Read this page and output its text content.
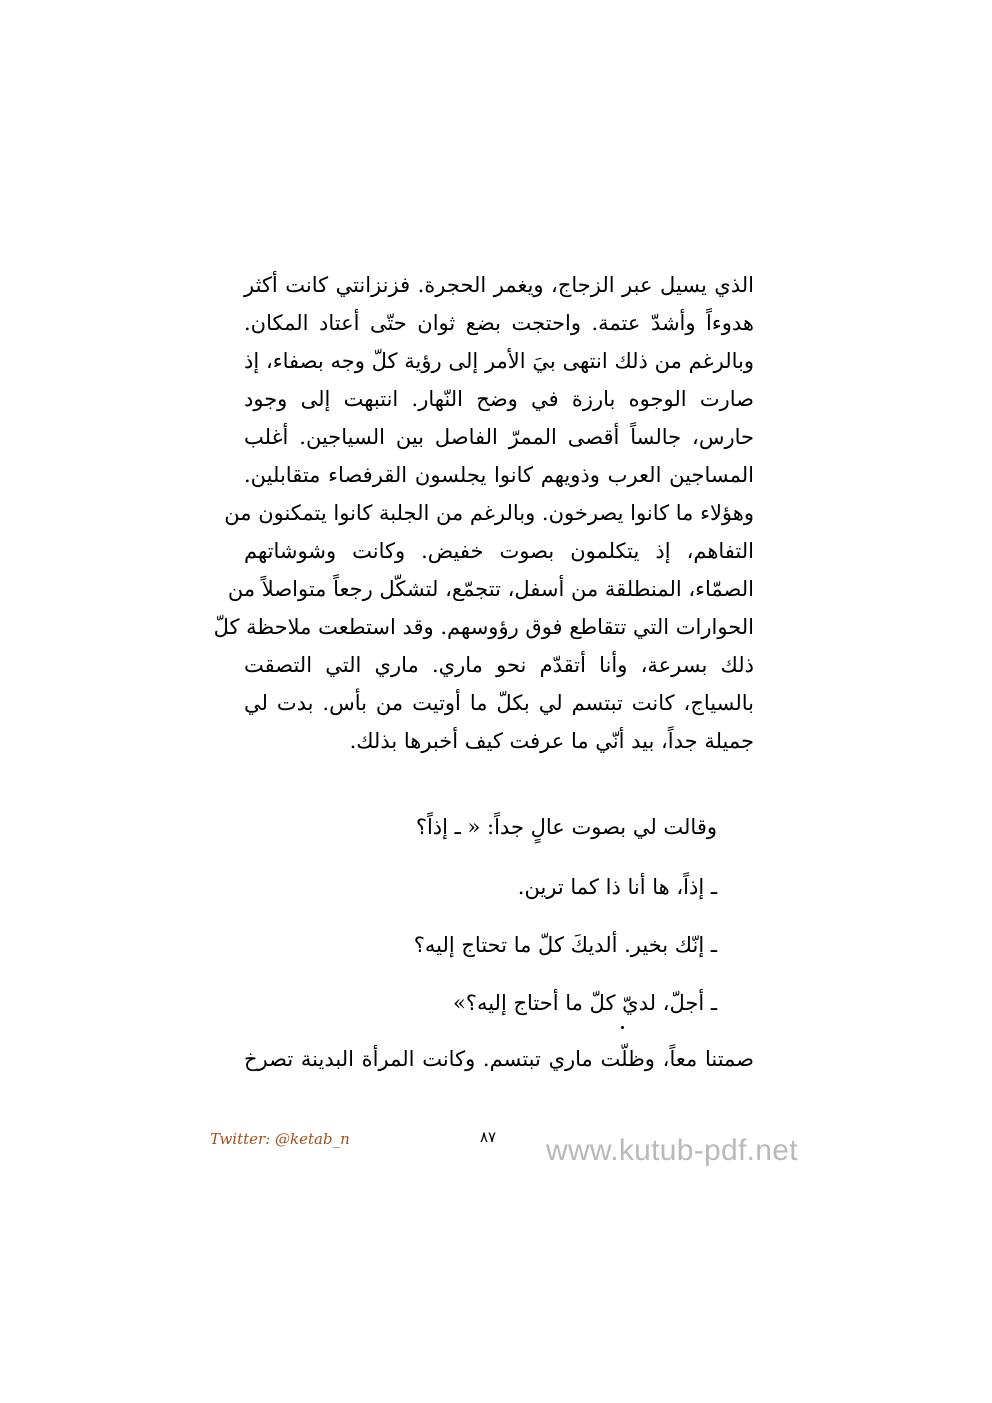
الذي يسيل عبر الزجاج، ويغمر الحجرة. فزنزانتي كانت أكثر
هدوءاً وأشدّ عتمة. واحتجت بضع ثوان حتّى أعتاد المكان.
وبالرغم من ذلك انتهى بيَ الأمر إلى رؤية كلّ وجه بصفاء، إذ
صارت الوجوه بارزة في وضح النّهار. انتبهت إلى وجود
حارس، جالساً أقصى الممرّ الفاصل بين السياجين. أغلب
المساجين العرب وذويهم كانوا يجلسون القرفصاء متقابلين.
وهؤلاء ما كانوا يصرخون. وبالرغم من الجلبة كانوا يتمكنون من
التفاهم، إذ يتكلمون بصوت خفيض. وكانت وشوشاتهم
الصمّاء، المنطلقة من أسفل، تتجمّع، لتشكّل رجعاً متواصلاً من
الحوارات التي تتقاطع فوق رؤوسهم. وقد استطعت ملاحظة كلّ
ذلك بسرعة، وأنا أتقدّم نحو ماري. ماري التي التصقت
بالسياج، كانت تبتسم لي بكلّ ما أوتيت من بأس. بدت لي
جميلة جداً، بيد أنّي ما عرفت كيف أخبرها بذلك.
وقالت لي بصوت عالٍ جداً: « ـ إذاً؟
ـ إذاً، ها أنا ذا كما ترين.
ـ إنّك بخير. ألديكَ كلّ ما تحتاج إليه؟
ـ أجلّ، لديّ كلّ ما أحتاج إليه؟»
صمتنا معاً، وظلّت ماري تبتسم. وكانت المرأة البدينة تصرخ
Twitter: @ketab_n	٨٧ www.kutub-pdf.net
